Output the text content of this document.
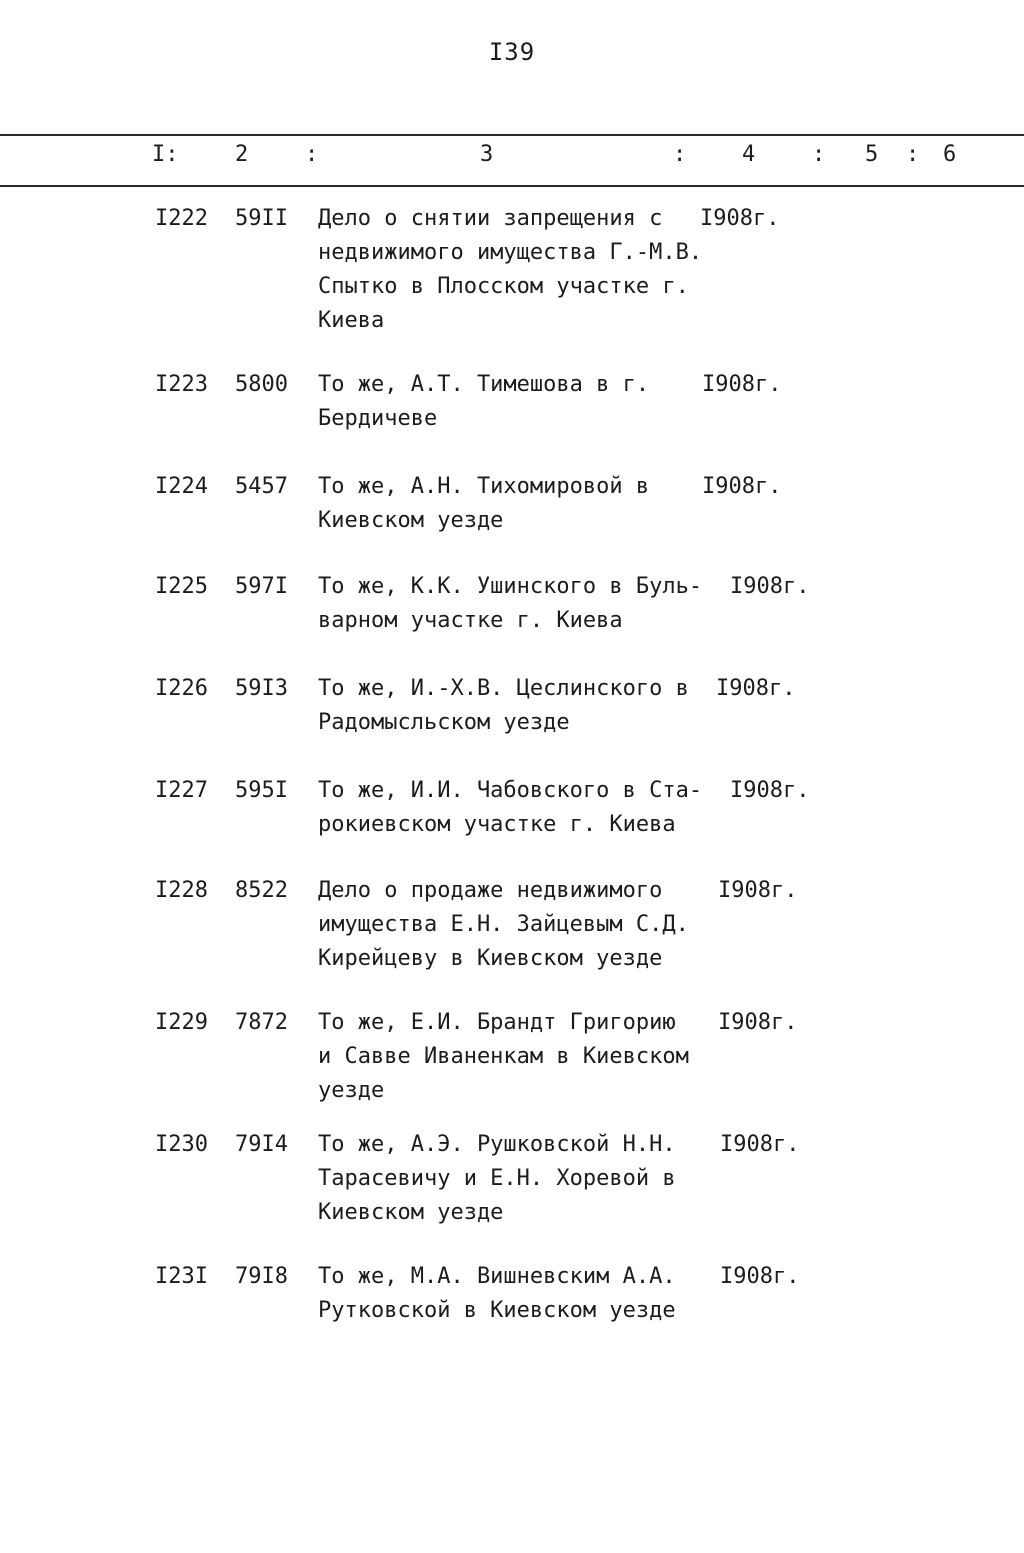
I39
I:	2	:	3	:	4	: 5 : 6
I222	59II	Дело о снятии запрещения с
недвижимого имущества Г.-М.В.
Спытко в Плосском участке г.
Киева
I908г.
I223	5800	То же, А.Т. Тимешова в г.
Бердичеве
I908г.
I224	5457	То же, А.Н. Тихомировой в
Киевском уезде
I908г.
I225	597I	То же, К.К. Ушинского в Буль-
варном участке г. Киева
I908г.
I226	59I3	То же, И.-Х.В. Цеслинского в
Радомысльском уезде
I908г.
I227	595I	То же, И.И. Чабовского в Ста-
рокиевском участке г. Киева
I908г.
I228	8522	Дело о продаже недвижимого
имущества Е.Н. Зайцевым С.Д.
Кирейцеву в Киевском уезде
I908г.
I229	7872	То же, Е.И. Брандт Григорию
и Савве Иваненкам в Киевском
уезде
I908г.
I230	79I4	То же, А.Э. Рушковской Н.Н.
Тарасевичу и Е.Н. Хоревой в
Киевском уезде
I908г.
I23I	79I8	То же, М.А. Вишневским А.А.
Рутковской в Киевском уезде
I908г.
